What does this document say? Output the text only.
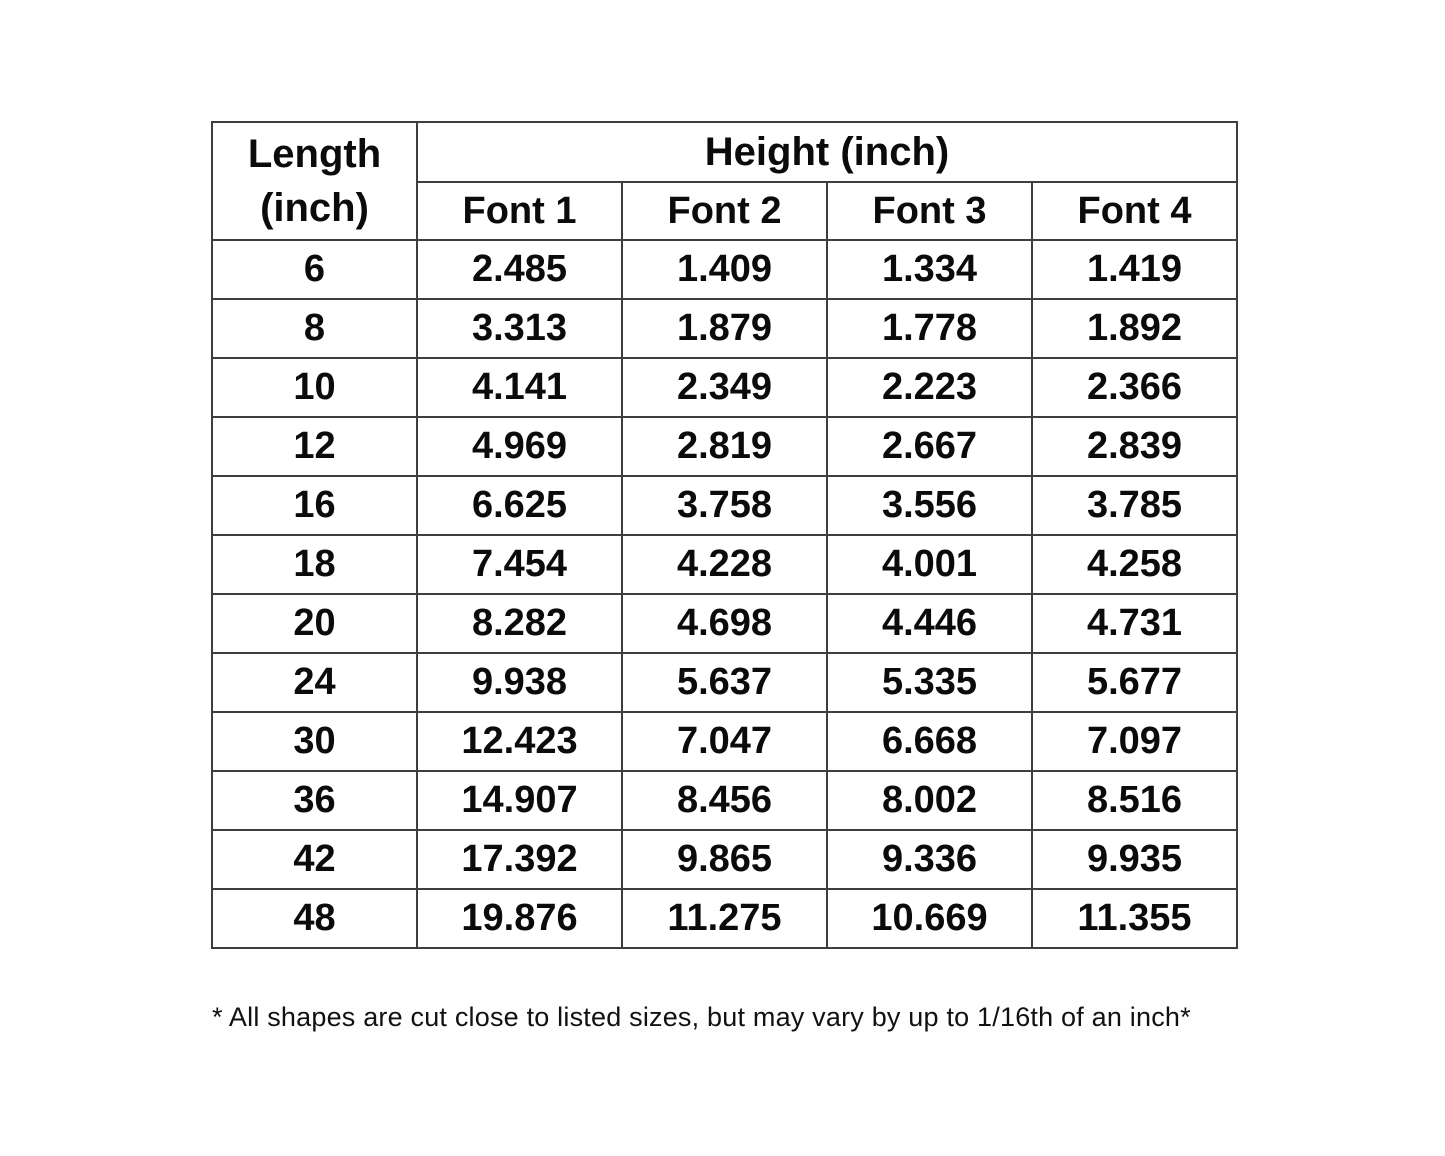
Length
(inch)	Height (inch)			
	Font 1	Font 2	Font 3	Font 4
6	2.485	1.409	1.334	1.419
8	3.313	1.879	1.778	1.892
10	4.141	2.349	2.223	2.366
12	4.969	2.819	2.667	2.839
16	6.625	3.758	3.556	3.785
18	7.454	4.228	4.001	4.258
20	8.282	4.698	4.446	4.731
24	9.938	5.637	5.335	5.677
30	12.423	7.047	6.668	7.097
36	14.907	8.456	8.002	8.516
42	17.392	9.865	9.336	9.935
48	19.876	11.275	10.669	11.355
* All shapes are cut close to listed sizes, but may vary by up to 1/16th of an inch*
